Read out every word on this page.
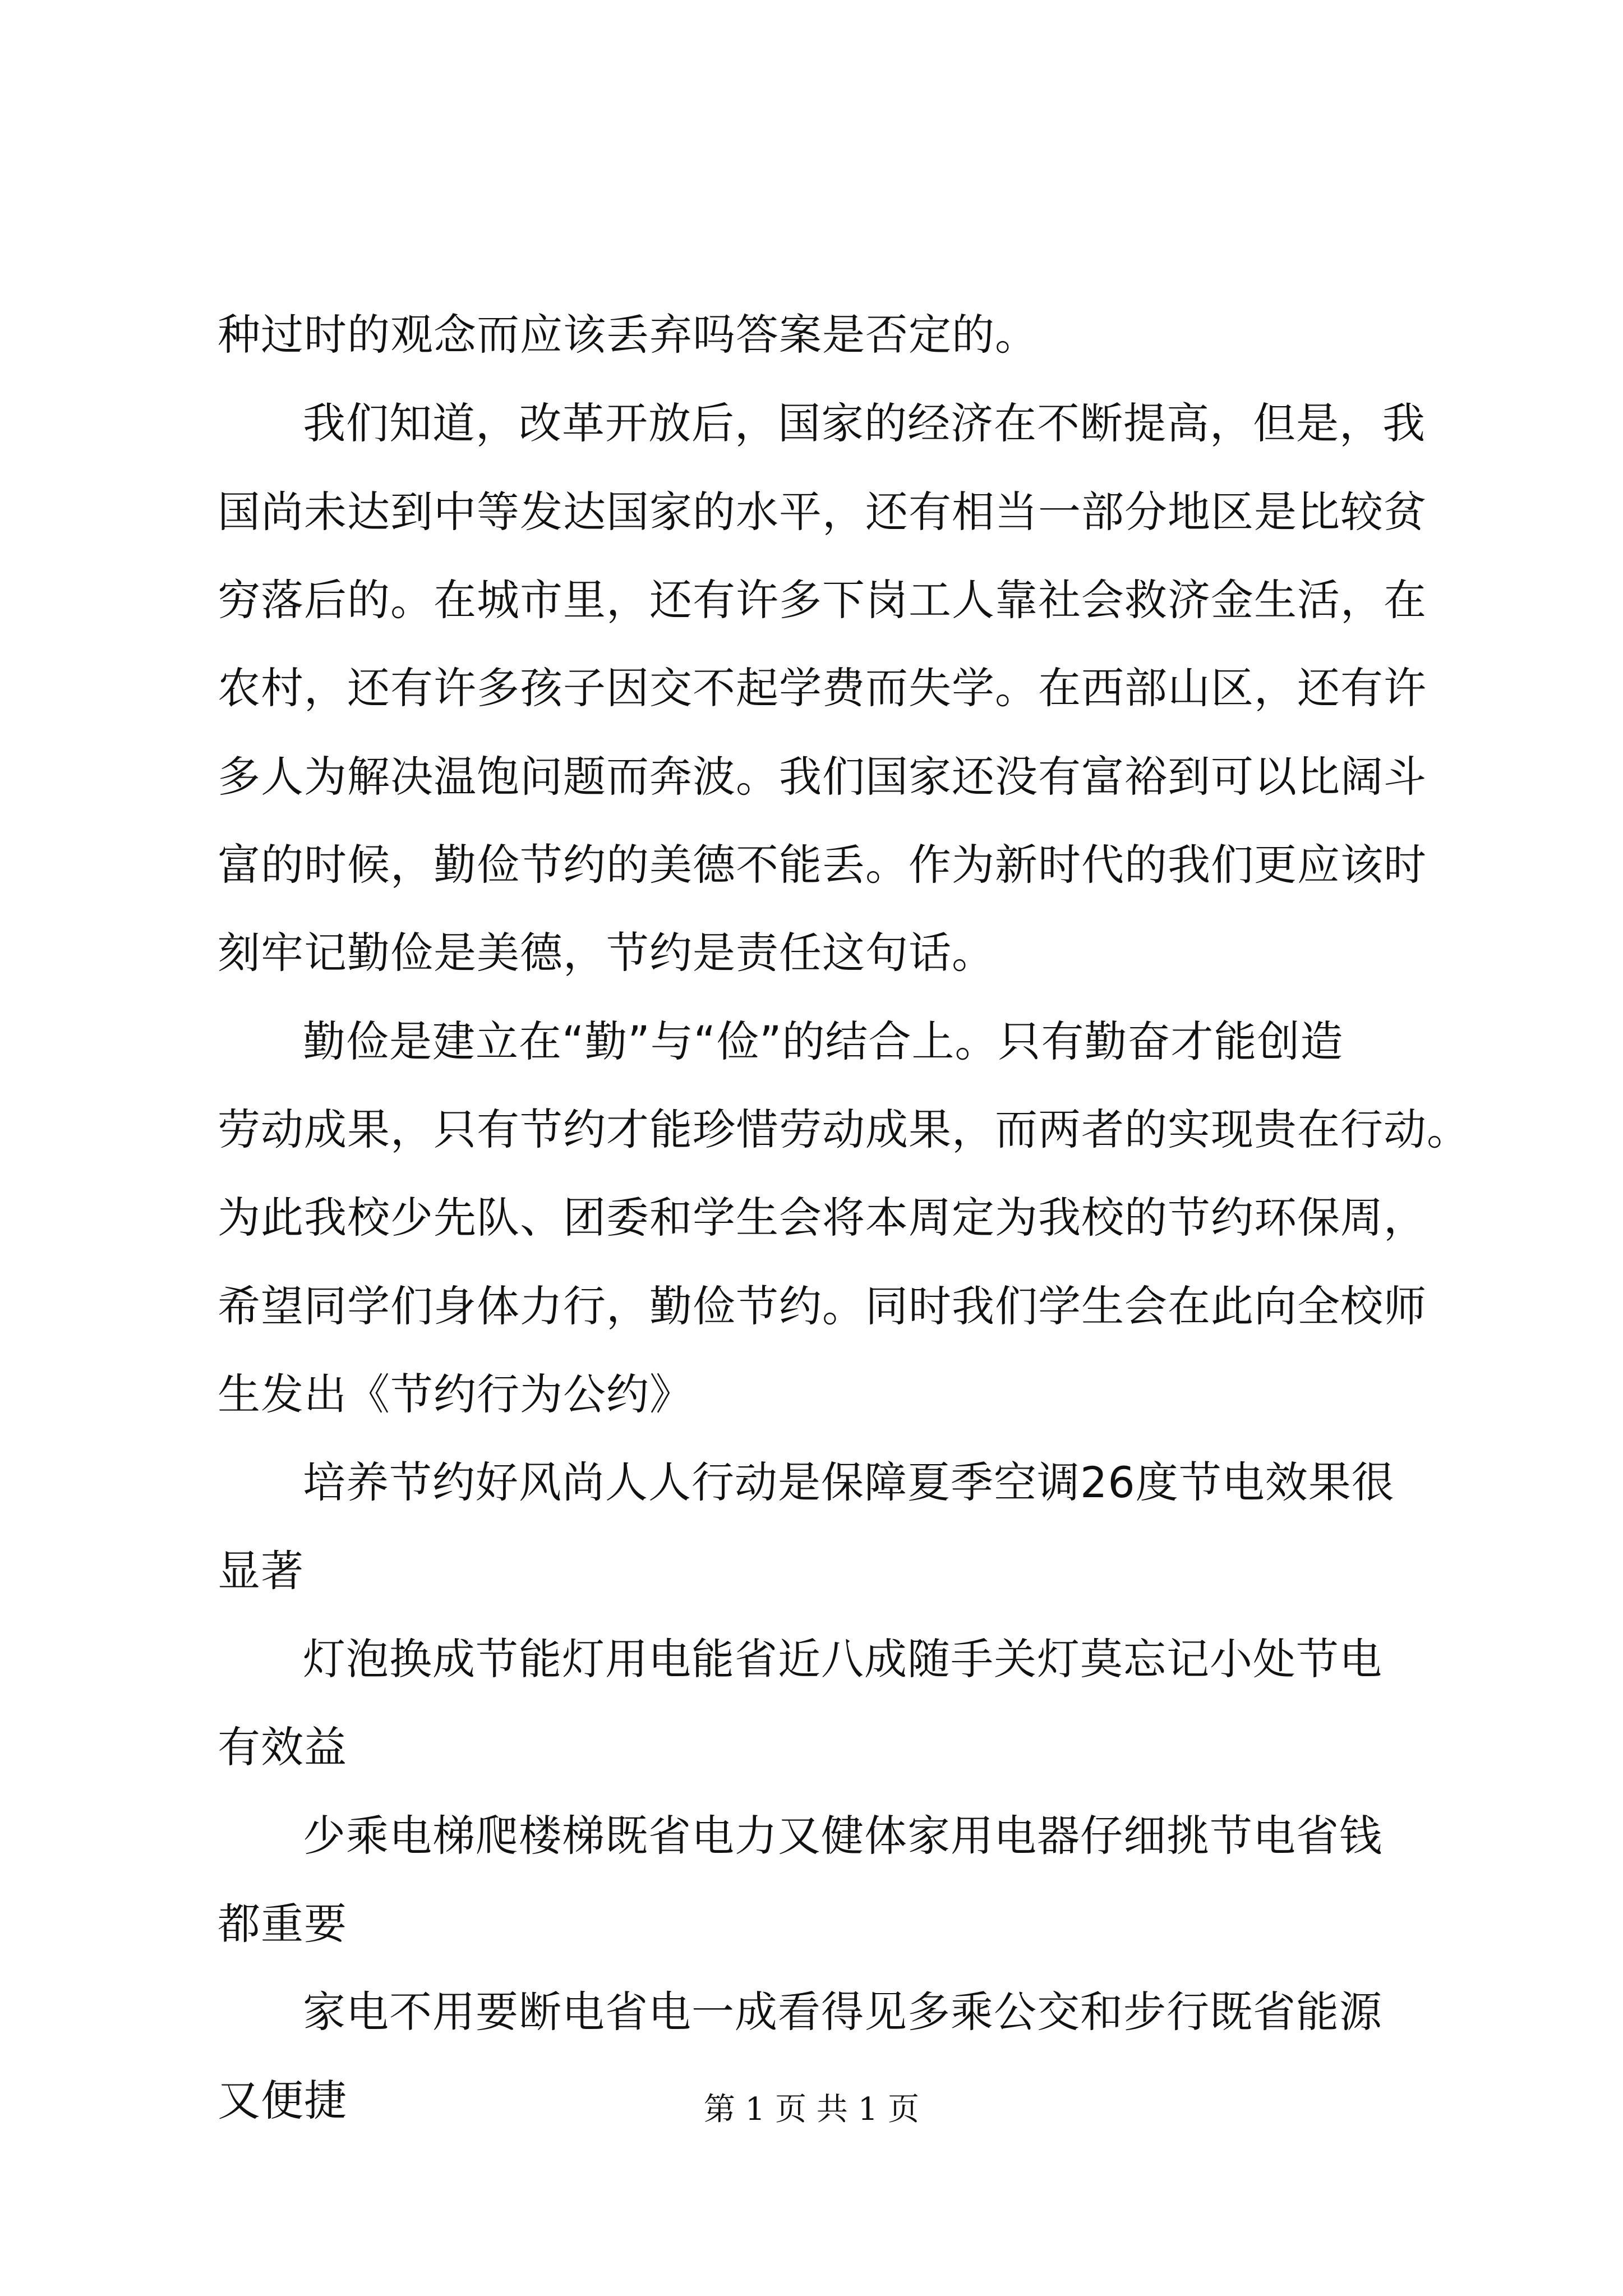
种过时的观念而应该丢弃吗答案是否定的。
我们知道，改革开放后，国家的经济在不断提高，但是，我
国尚未达到中等发达国家的水平，还有相当一部分地区是比较贫
穷落后的。在城市里，还有许多下岗工人靠社会救济金生活，在
农村，还有许多孩子因交不起学费而失学。在西部山区，还有许
多人为解决温饱问题而奔波。我们国家还没有富裕到可以比阔斗
富的时候，勤俭节约的美德不能丢。作为新时代的我们更应该时
刻牢记勤俭是美德，节约是责任这句话。
勤俭是建立在“勤”与“俭”的结合上。只有勤奋才能创造
劳动成果，只有节约才能珍惜劳动成果，而两者的实现贵在行动。
为此我校少先队、团委和学生会将本周定为我校的节约环保周，
希望同学们身体力行，勤俭节约。同时我们学生会在此向全校师
生发出《节约行为公约》
培养节约好风尚人人行动是保障夏季空调26度节电效果很
显著
灯泡换成节能灯用电能省近八成随手关灯莫忘记小处节电
有效益
少乘电梯爬楼梯既省电力又健体家用电器仔细挑节电省钱
都重要
家电不用要断电省电一成看得见多乘公交和步行既省能源
又便捷	第 1 页 共 1 页
